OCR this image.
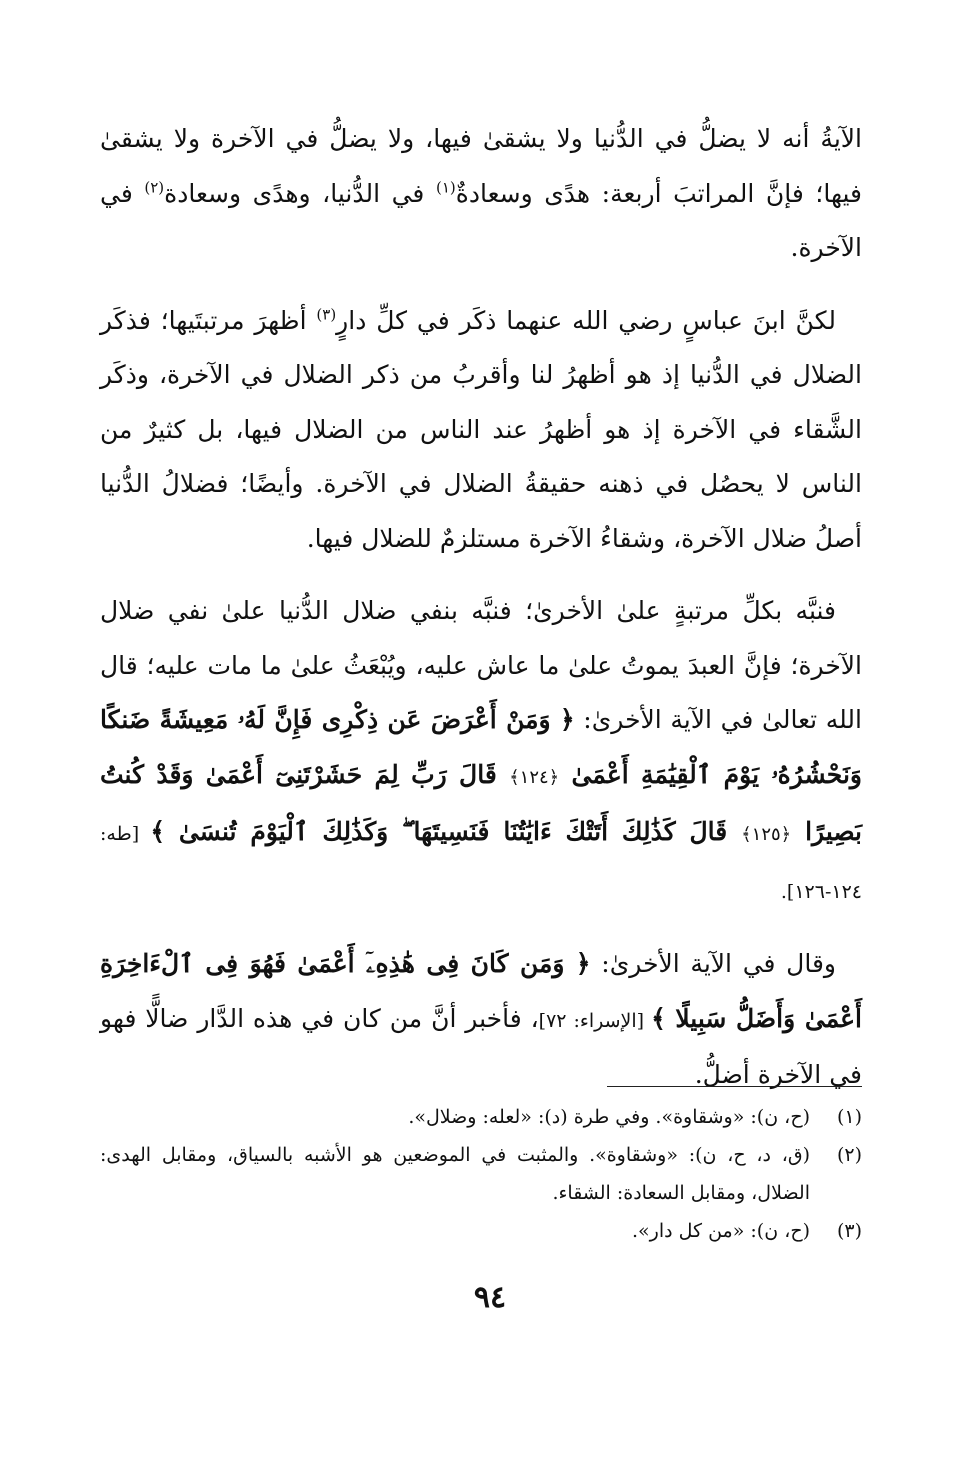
الآيةُ أنه لا يضلُّ في الدُّنيا ولا يشقىٰ فيها، ولا يضلُّ في الآخرة ولا يشقىٰ فيها؛ فإنَّ المراتبَ أربعة: هدًى وسعادةٌ$^{(١)}$ في الدُّنيا، وهدًى وسعادة$^{(٢)}$ في الآخرة.

لكنَّ ابنَ عباسٍ رضي الله عنهما ذكَر في كلِّ دارٍ$^{(٣)}$ أظهرَ مرتبتَيها؛ فذكَر الضلال في الدُّنيا إذ هو أظهرُ لنا وأقربُ من ذكر الضلال في الآخرة، وذكَر الشَّقاء في الآخرة إذ هو أظهرُ عند الناس من الضلال فيها، بل كثيرٌ من الناس لا يحصُل في ذهنه حقيقةُ الضلال في الآخرة. وأيضًا؛ فضلالُ الدُّنيا أصلُ ضلال الآخرة، وشقاءُ الآخرة مستلزمٌ للضلال فيها.

فنبَّه بكلِّ مرتبةٍ علىٰ الأخرىٰ؛ فنبَّه بنفي ضلال الدُّنيا علىٰ نفي ضلال الآخرة؛ فإنَّ العبدَ يموتُ علىٰ ما عاش عليه، ويُبْعَثُ علىٰ ما مات عليه؛ قال الله تعالىٰ في الآية الأخرىٰ: ﴿ وَمَنْ أَعْرَضَ عَن ذِكْرِى فَإِنَّ لَهُۥ مَعِيشَةً ضَنكًا وَنَحْشُرُهُۥ يَوْمَ ٱلْقِيَٰمَةِ أَعْمَىٰ ﴿١٢٤﴾ قَالَ رَبِّ لِمَ حَشَرْتَنِىٓ أَعْمَىٰ وَقَدْ كُنتُ بَصِيرًا ﴿١٢٥﴾ قَالَ كَذَٰلِكَ أَتَتْكَ ءَايَٰتُنَا فَنَسِيتَهَا ۖ وَكَذَٰلِكَ ٱلْيَوْمَ تُنسَىٰ ﴾ [طه: ١٢٤-١٢٦].

وقال في الآية الأخرىٰ: ﴿ وَمَن كَانَ فِى هَٰذِهِۦٓ أَعْمَىٰ فَهُوَ فِى ٱلْءَاخِرَةِ أَعْمَىٰ وَأَضَلُّ سَبِيلًا ﴾ [الإسراء: ٧٢]، فأخبر أنَّ من كان في هذه الدَّار ضالًّا فهو في الآخرة أضلُّ.

(١)(ح، ن): «وشقاوة». وفي طرة (د): «لعله: وضلال».

(٢)(ق، د، ح، ن): «وشقاوة». والمثبت في الموضعين هو الأشبه بالسياق، ومقابل الهدى: الضلال، ومقابل السعادة: الشقاء.

(٣)(ح، ن): «من كل دار».

٩٤
